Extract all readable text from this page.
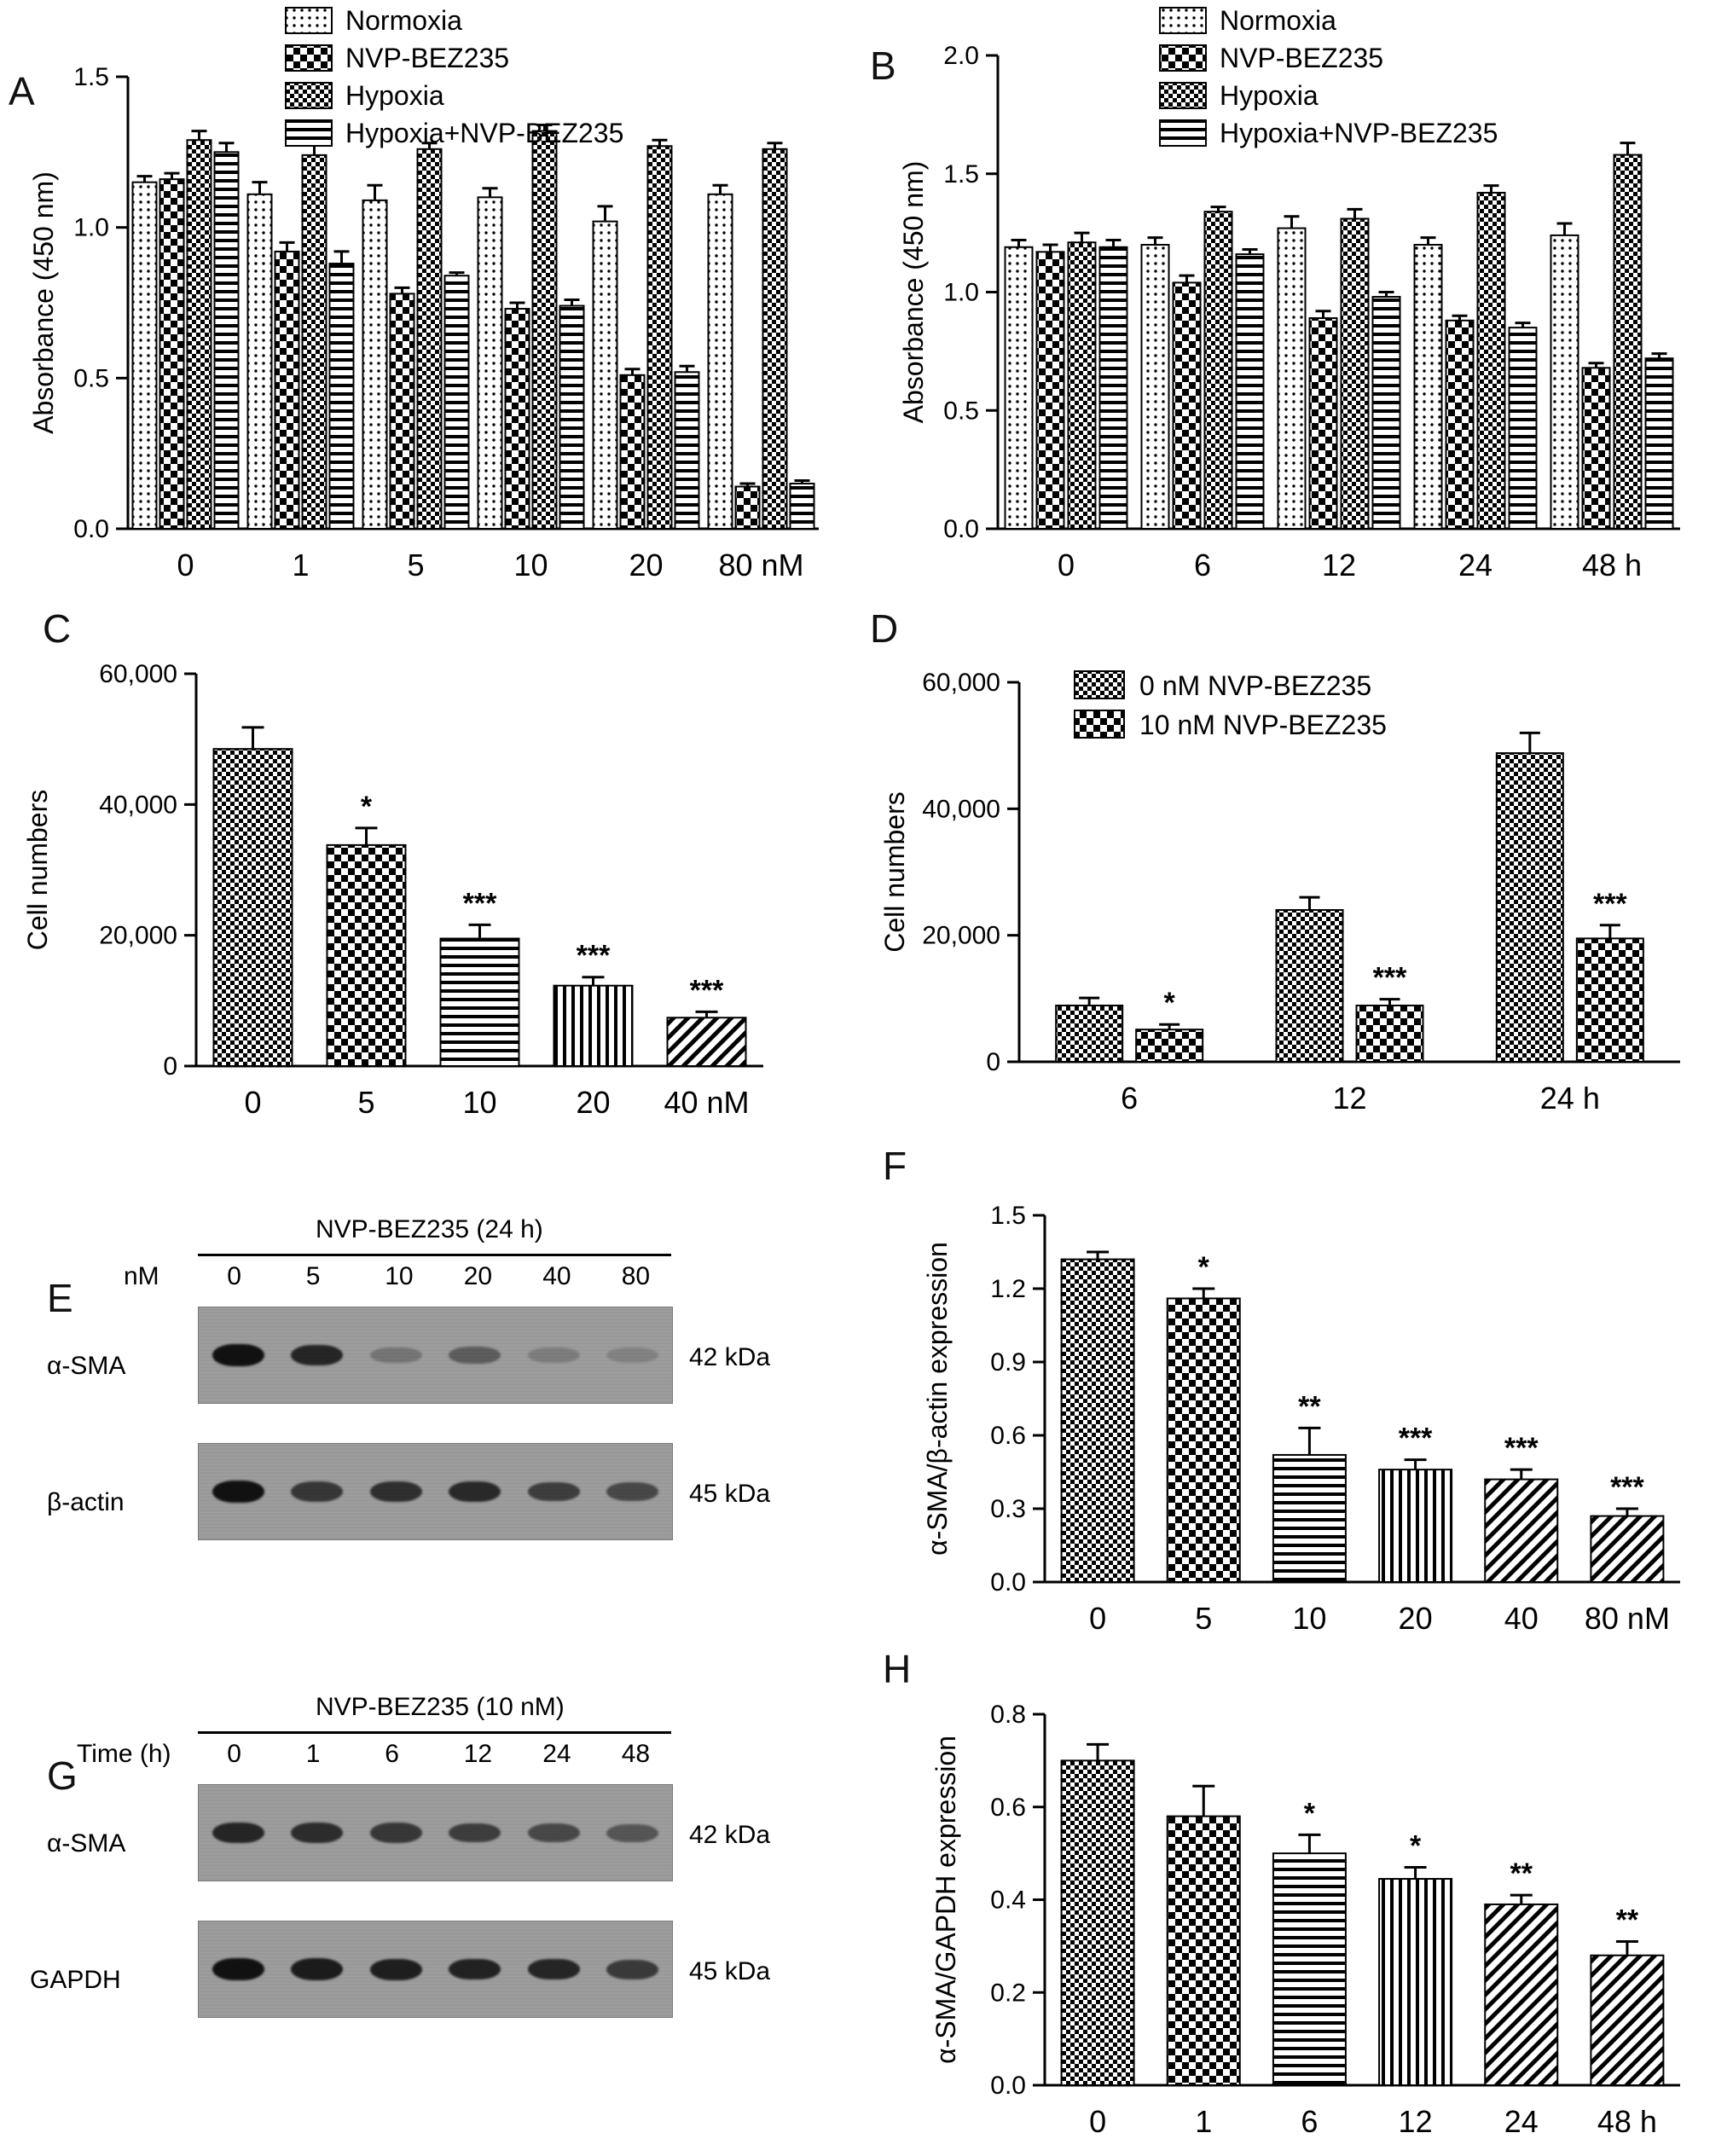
A
0.0
0.5
1.0
1.5
Absorbance (450 nm)
0	1	5	10	20 80 nM
Normoxia
NVP-BEZ235
Hypoxia
Hypoxia+NVP-BEZ235
B
0.0
0.5
1.0
1.5
2.0
Absorbance (450 nm)
0	6	12	24	48 h
Normoxia
NVP-BEZ235
Hypoxia
Hypoxia+NVP-BEZ235
C
0
20,000
40,000
60,000
Cell numbers
0
*
5
***
10
***
20
***
40 nM
D
0
20,000
40,000
60,000
Cell numbers
*
6
***
12
***
24 h
0 nM NVP-BEZ235
10 nM NVP-BEZ235
E
NVP-BEZ235 (24 h)
nM	0	5	10 20 40 80
α-SMA	42 kDa
β-actin	45 kDa
F
0.0
0.3
0.6
0.9
1.2
1.5
α-SMA/β-actin expression
0
*
5
**
10
***
20
***
40
***
80 nM
G
NVP-BEZ235 (10 nM)
Time (h) 0	1	6	12 24 48
α-SMA	42 kDa
GAPDH	45 kDa
H
0.0
0.2
0.4
0.6
0.8
α-SMA/GAPDH expression
0	1
*
6
*
12
**
24
**
48 h
